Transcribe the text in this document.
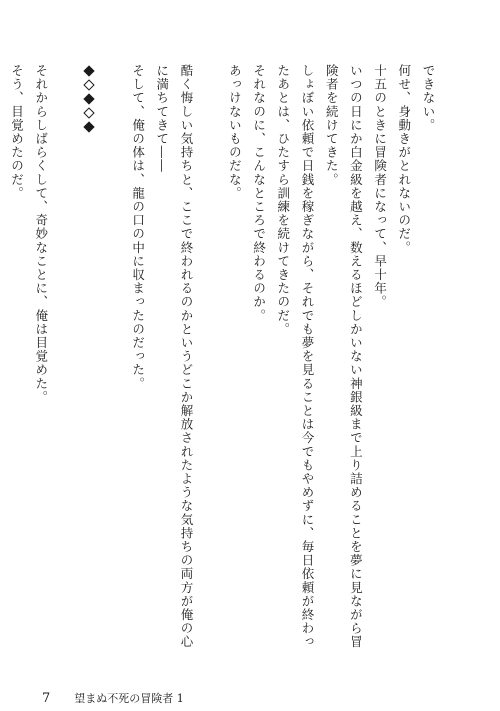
できない。

何せ、身動きがとれないのだ。

十五のときに冒険者になって、早十年。

いつの日にか白金級を越え、数えるほどしかいない神銀級まで上り詰めることを夢に見ながら冒

険者を続けてきた。

しょぼい依頼で日銭を稼ぎながら、それでも夢を見ることは今でもやめずに、毎日依頼が終わっ

たあとは、ひたすら訓練を続けてきたのだ。

それなのに、こんなところで終わるのか。

あっけないものだな。

酷く悔しい気持ちと、ここで終われるのかというどこか解放されたような気持ちの両方が俺の心

に満ちてきて――

そして、俺の体は、龍の口の中に収まったのだった。

それからしばらくして、奇妙なことに、俺は目覚めた。

そう、目覚めたのだ。

7 望まぬ不死の冒険者 1
